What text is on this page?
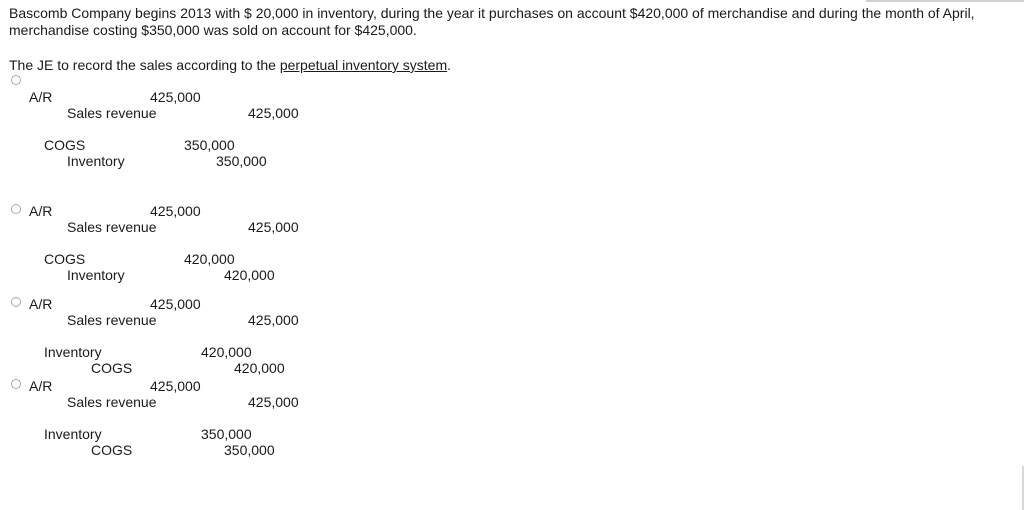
Bascomb Company begins 2013 with $ 20,000 in inventory, during the year it purchases on account $420,000 of merchandise and during the month of April, merchandise costing $350,000 was sold on account for $425,000.

The JE to record the sales according to the perpetual inventory system.

A/R	425,000
Sales revenue	425,000
COGS	350,000
Inventory	350,000
A/R	425,000
Sales revenue	425,000
COGS	420,000
Inventory	420,000
A/R	425,000
Sales revenue	425,000
Inventory	420,000
COGS	420,000
A/R	425,000
Sales revenue	425,000
Inventory	350,000
COGS	350,000
